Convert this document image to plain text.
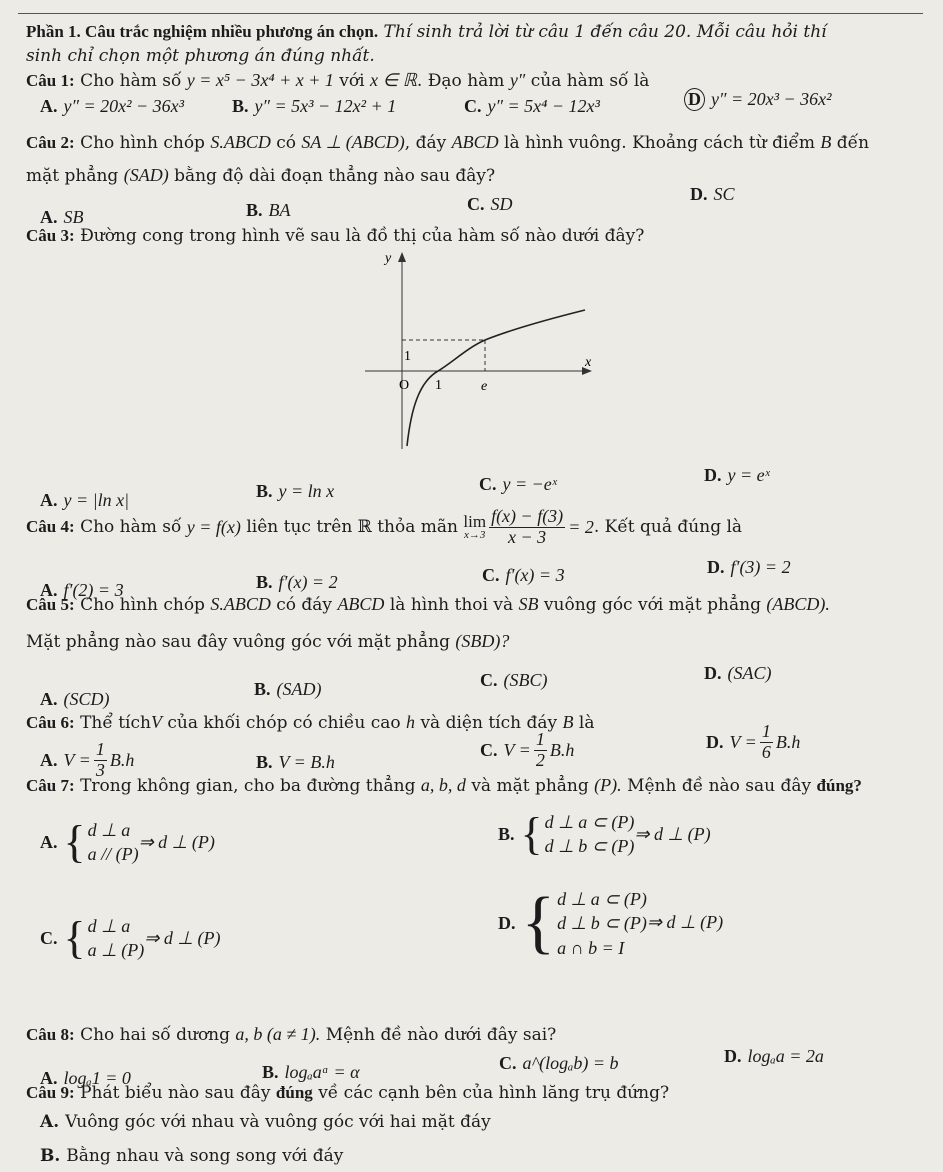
Phần 1. Câu trắc nghiệm nhiều phương án chọn. Thí sinh trả lời từ câu 1 đến câu 20. Mỗi câu hỏi thí
sinh chỉ chọn một phương án đúng nhất.
Câu 1: Cho hàm số y = x⁵ − 3x⁴ + x + 1 với x ∈ ℝ. Đạo hàm y″ của hàm số là
A. y″ = 20x² − 36x³	B. y″ = 5x³ − 12x² + 1	C. y″ = 5x⁴ − 12x³	D y″ = 20x³ − 36x²
Câu 2: Cho hình chóp S.ABCD có SA ⊥ (ABCD), đáy ABCD là hình vuông. Khoảng cách từ điểm B đến
mặt phẳng (SAD) bằng độ dài đoạn thẳng nào sau đây?
A. SB	B. BA	C. SD	D. SC
Câu 3: Đường cong trong hình vẽ sau là đồ thị của hàm số nào dưới đây?
y
x
O 1	e
1
A. y = |ln x|	B. y = ln x	C. y = −eˣ	D. y = eˣ
Câu 4:
Cho hàm số
y = f(x)
liên tục trên ℝ thỏa mãn
lim
$x\to 3 \frac{f(x) - f(3)}{x - 3} = 2$ . Kết quả đúng là
A. f′(2) = 3	B. f′(x) = 2	C. f′(x) = 3	D. f′(3) = 2
Câu 5: Cho hình chóp S.ABCD có đáy ABCD là hình thoi và SB vuông góc với mặt phẳng (ABCD).
Mặt phẳng nào sau đây vuông góc với mặt phẳng (SBD)?
A. (SCD)	B. (SAD)	C. (SBC)	D. (SAC)
Câu 6: Thể tíchV của khối chóp có chiều cao h và diện tích đáy B là
A. $V = \frac{1}{3} B.h$	B. V = B.h
C. $V = \frac{1}{2} B.h$	D. $V = \frac{1}{6} B.h$
Câu 7: Trong không gian, cho ba đường thẳng a, b, d và mặt phẳng (P). Mệnh đề nào sau đây đúng?
A. { d ⊥ a
a // (P)
⇒ d ⊥ (P)	B. { d ⊥ a ⊂ (P)
d ⊥ b ⊂ (P)
⇒ d ⊥ (P)
C. { d ⊥ a
a ⊥ (P)
⇒ d ⊥ (P)
D. { d ⊥ a ⊂ (P)
d ⊥ b ⊂ (P)
a ∩ b = I
⇒ d ⊥ (P)
Câu 8: Cho hai số dương a, b (a ≠ 1). Mệnh đề nào dưới đây sai?
A. logₐ1 = 0	B. logₐaᵅ = α	C. a^(logₐb) = b	D. logₐa = 2a
Câu 9: Phát biểu nào sau đây đúng về các cạnh bên của hình lăng trụ đứng?
A. Vuông góc với nhau và vuông góc với hai mặt đáy
B. Bằng nhau và song song với đáy
